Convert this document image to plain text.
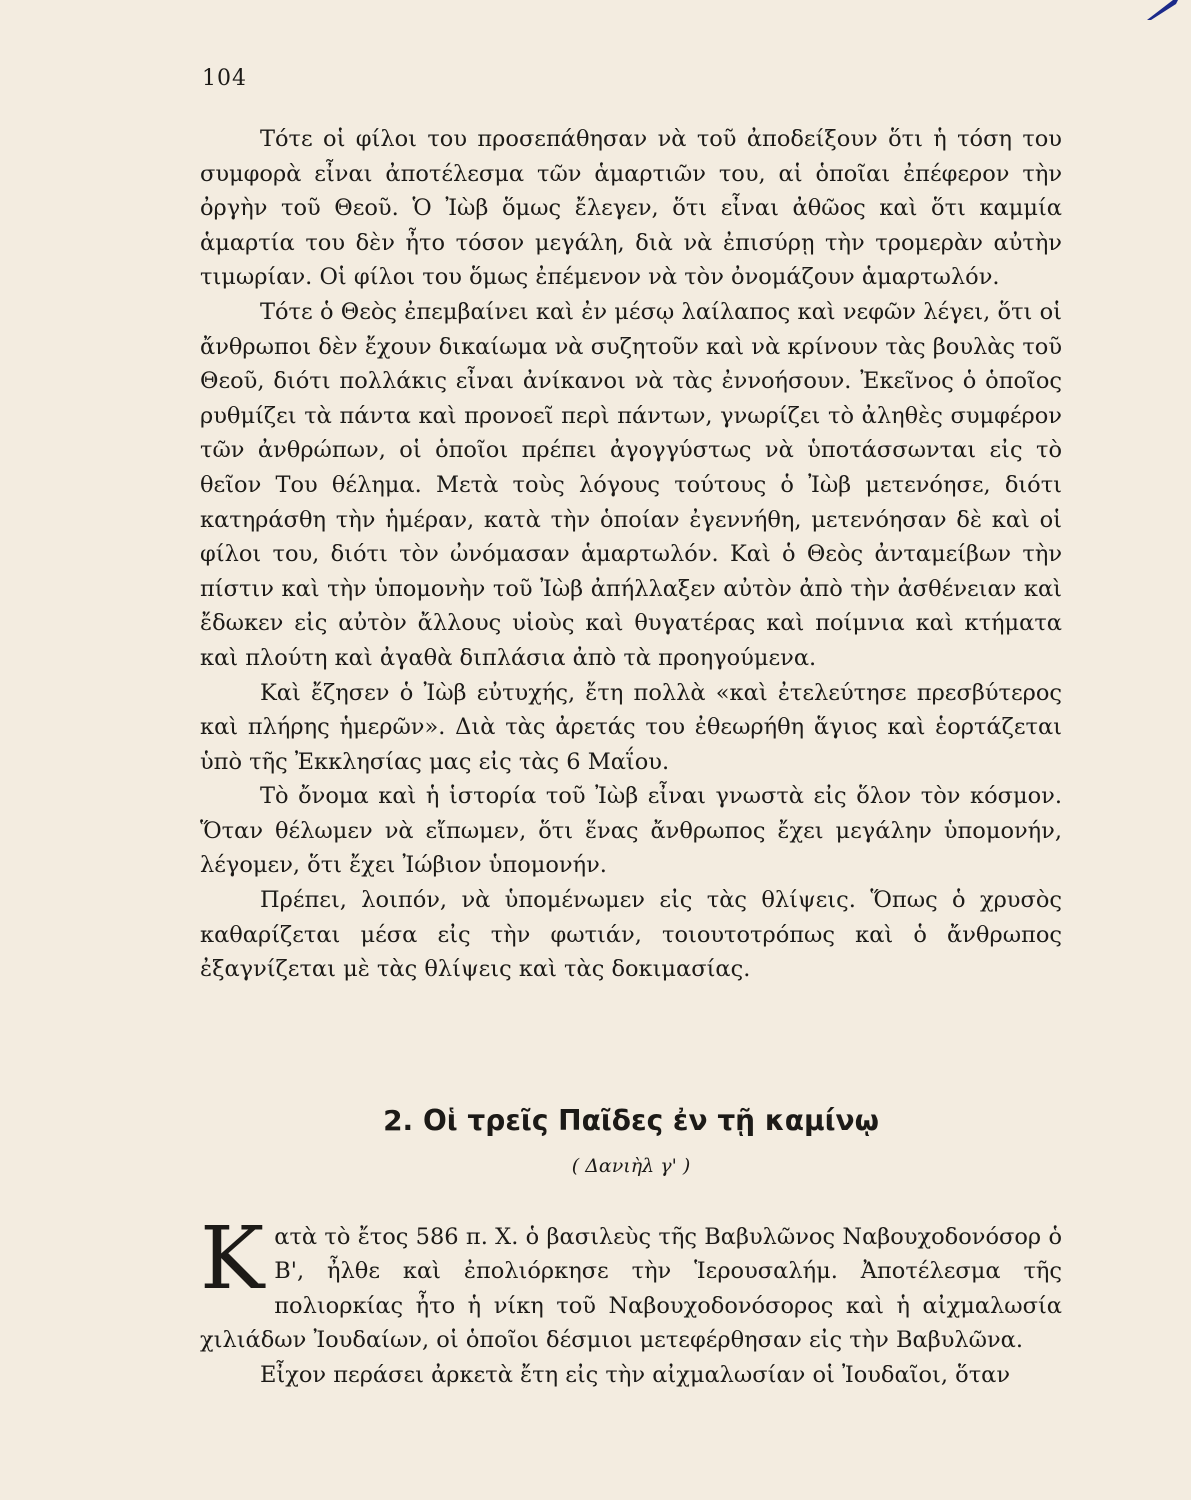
104

Τότε οἱ φίλοι του προσεπάθησαν νὰ τοῦ ἀποδείξουν ὅτι ἡ τόση του συμφορὰ εἶναι ἀποτέλεσμα τῶν ἁμαρτιῶν του, αἱ ὁποῖαι ἐπέφερον τὴν ὀργὴν τοῦ Θεοῦ. Ὁ Ἰὼβ ὅμως ἔλεγεν, ὅτι εἶναι ἀθῶος καὶ ὅτι καμμία ἁμαρτία του δὲν ἦτο τόσον μεγάλη, διὰ νὰ ἐπισύρῃ τὴν τρομερὰν αὐτὴν τιμωρίαν. Οἱ φίλοι του ὅμως ἐπέμενον νὰ τὸν ὀνομάζουν ἁμαρτωλόν.

Τότε ὁ Θεὸς ἐπεμβαίνει καὶ ἐν μέσῳ λαίλαπος καὶ νεφῶν λέγει, ὅτι οἱ ἄνθρωποι δὲν ἔχουν δικαίωμα νὰ συζητοῦν καὶ νὰ κρίνουν τὰς βουλὰς τοῦ Θεοῦ, διότι πολλάκις εἶναι ἀνίκανοι νὰ τὰς ἐννοήσουν. Ἐκεῖνος ὁ ὁποῖος ρυθμίζει τὰ πάντα καὶ προνοεῖ περὶ πάντων, γνωρίζει τὸ ἀληθὲς συμφέρον τῶν ἀνθρώπων, οἱ ὁποῖοι πρέπει ἀγογγύστως νὰ ὑποτάσσωνται εἰς τὸ θεῖον Του θέλημα. Μετὰ τοὺς λόγους τούτους ὁ Ἰὼβ μετενόησε, διότι κατηράσθη τὴν ἡμέραν, κατὰ τὴν ὁποίαν ἐγεννήθη, μετενόησαν δὲ καὶ οἱ φίλοι του, διότι τὸν ὠνόμασαν ἁμαρτωλόν. Καὶ ὁ Θεὸς ἀνταμείβων τὴν πίστιν καὶ τὴν ὑπομονὴν τοῦ Ἰὼβ ἀπήλλαξεν αὐτὸν ἀπὸ τὴν ἀσθένειαν καὶ ἔδωκεν εἰς αὐτὸν ἄλλους υἱοὺς καὶ θυγατέρας καὶ ποίμνια καὶ κτήματα καὶ πλούτη καὶ ἀγαθὰ διπλάσια ἀπὸ τὰ προηγούμενα.

Καὶ ἔζησεν ὁ Ἰὼβ εὐτυχής, ἔτη πολλὰ «καὶ ἐτελεύτησε πρεσβύτερος καὶ πλήρης ἡμερῶν». Διὰ τὰς ἀρετάς του ἐθεωρήθη ἅγιος καὶ ἑορτάζεται ὑπὸ τῆς Ἐκκλησίας μας εἰς τὰς 6 Μαΐου.

Τὸ ὄνομα καὶ ἡ ἱστορία τοῦ Ἰὼβ εἶναι γνωστὰ εἰς ὅλον τὸν κόσμον. Ὅταν θέλωμεν νὰ εἴπωμεν, ὅτι ἕνας ἄνθρωπος ἔχει μεγάλην ὑπομονήν, λέγομεν, ὅτι ἔχει Ἰώβιον ὑπομονήν.

Πρέπει, λοιπόν, νὰ ὑπομένωμεν εἰς τὰς θλίψεις. Ὅπως ὁ χρυσὸς καθαρίζεται μέσα εἰς τὴν φωτιάν, τοιουτοτρόπως καὶ ὁ ἄνθρωπος ἐξαγνίζεται μὲ τὰς θλίψεις καὶ τὰς δοκιμασίας.

2. Οἱ τρεῖς Παῖδες ἐν τῇ καμίνῳ
( Δανιὴλ γ' )

Κατὰ τὸ ἔτος 586 π. Χ. ὁ βασιλεὺς τῆς Βαβυλῶνος Ναβουχοδονόσορ ὁ Β', ἦλθε καὶ ἐπολιόρκησε τὴν Ἱερουσαλήμ. Ἀποτέλεσμα τῆς πολιορκίας ἦτο ἡ νίκη τοῦ Ναβουχοδονόσορος καὶ ἡ αἰχμαλωσία χιλιάδων Ἰουδαίων, οἱ ὁποῖοι δέσμιοι μετεφέρθησαν εἰς τὴν Βαβυλῶνα.

Εἶχον περάσει ἀρκετὰ ἔτη εἰς τὴν αἰχμαλωσίαν οἱ Ἰουδαῖοι, ὅταν
